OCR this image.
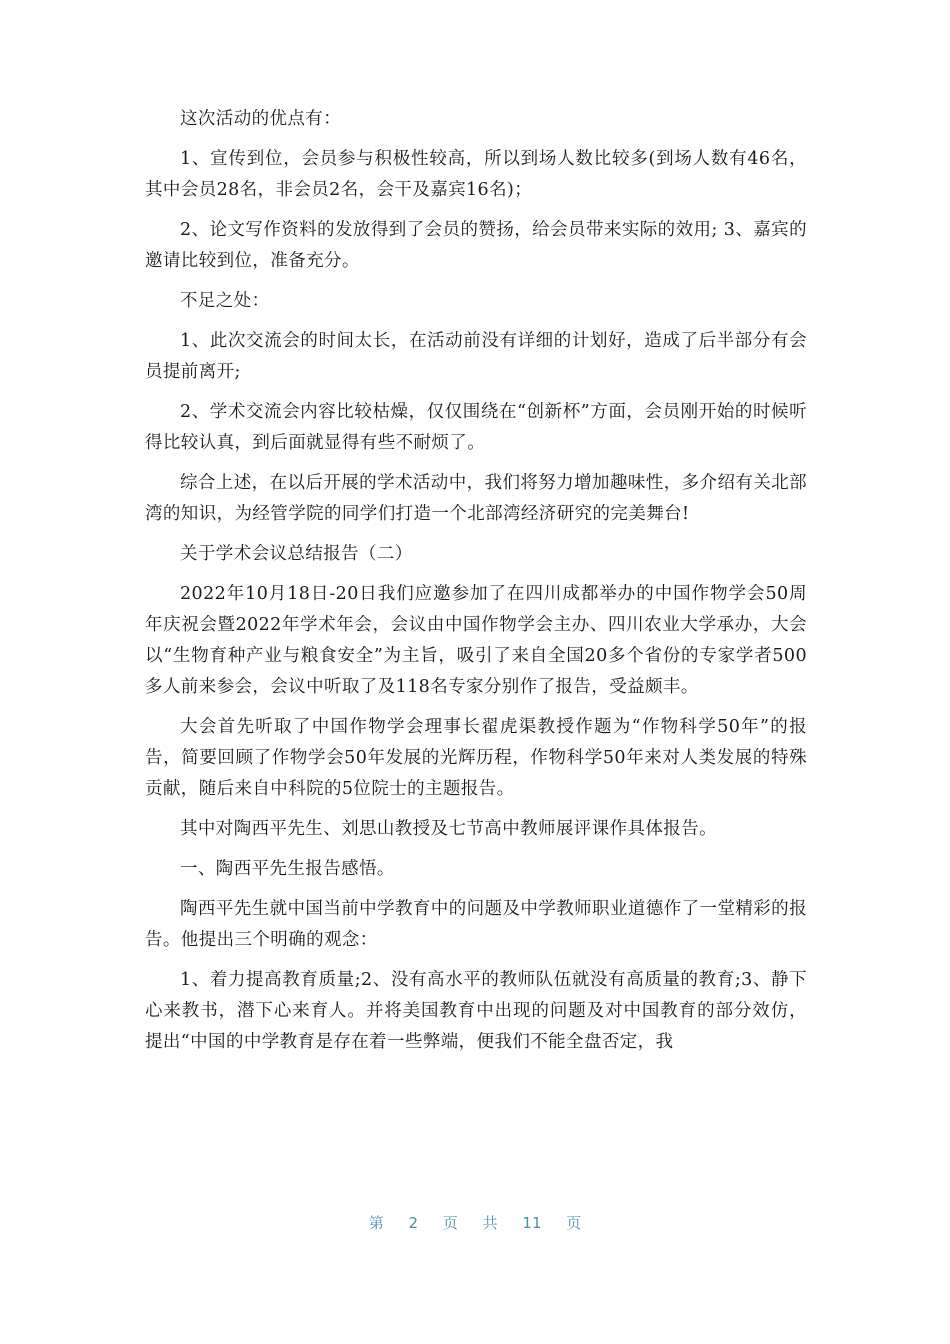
这次活动的优点有：

1、宣传到位，会员参与积极性较高，所以到场人数比较多(到场人数有46名，其中会员28名，非会员2名，会干及嘉宾16名)；

2、论文写作资料的发放得到了会员的赞扬，给会员带来实际的效用; 3、嘉宾的邀请比较到位，准备充分。

不足之处：

1、此次交流会的时间太长，在活动前没有详细的计划好，造成了后半部分有会员提前离开;

2、学术交流会内容比较枯燥，仅仅围绕在“创新杯”方面，会员刚开始的时候听得比较认真，到后面就显得有些不耐烦了。

综合上述，在以后开展的学术活动中，我们将努力增加趣味性，多介绍有关北部湾的知识，为经管学院的同学们打造一个北部湾经济研究的完美舞台!

关于学术会议总结报告（二）

2022年10月18日-20日我们应邀参加了在四川成都举办的中国作物学会50周年庆祝会暨2022年学术年会，会议由中国作物学会主办、四川农业大学承办，大会以“生物育种产业与粮食安全”为主旨，吸引了来自全国20多个省份的专家学者500多人前来参会，会议中听取了及118名专家分别作了报告，受益颇丰。

大会首先听取了中国作物学会理事长翟虎渠教授作题为“作物科学50年”的报告，简要回顾了作物学会50年发展的光辉历程，作物科学50年来对人类发展的特殊贡献，随后来自中科院的5位院士的主题报告。

其中对陶西平先生、刘思山教授及七节高中教师展评课作具体报告。

一、陶西平先生报告感悟。

陶西平先生就中国当前中学教育中的问题及中学教师职业道德作了一堂精彩的报告。他提出三个明确的观念：

1、着力提高教育质量;2、没有高水平的教师队伍就没有高质量的教育;3、静下心来教书，潜下心来育人。并将美国教育中出现的问题及对中国教育的部分效仿，提出“中国的中学教育是存在着一些弊端，便我们不能全盘否定，我

第 2 页 共 11 页
